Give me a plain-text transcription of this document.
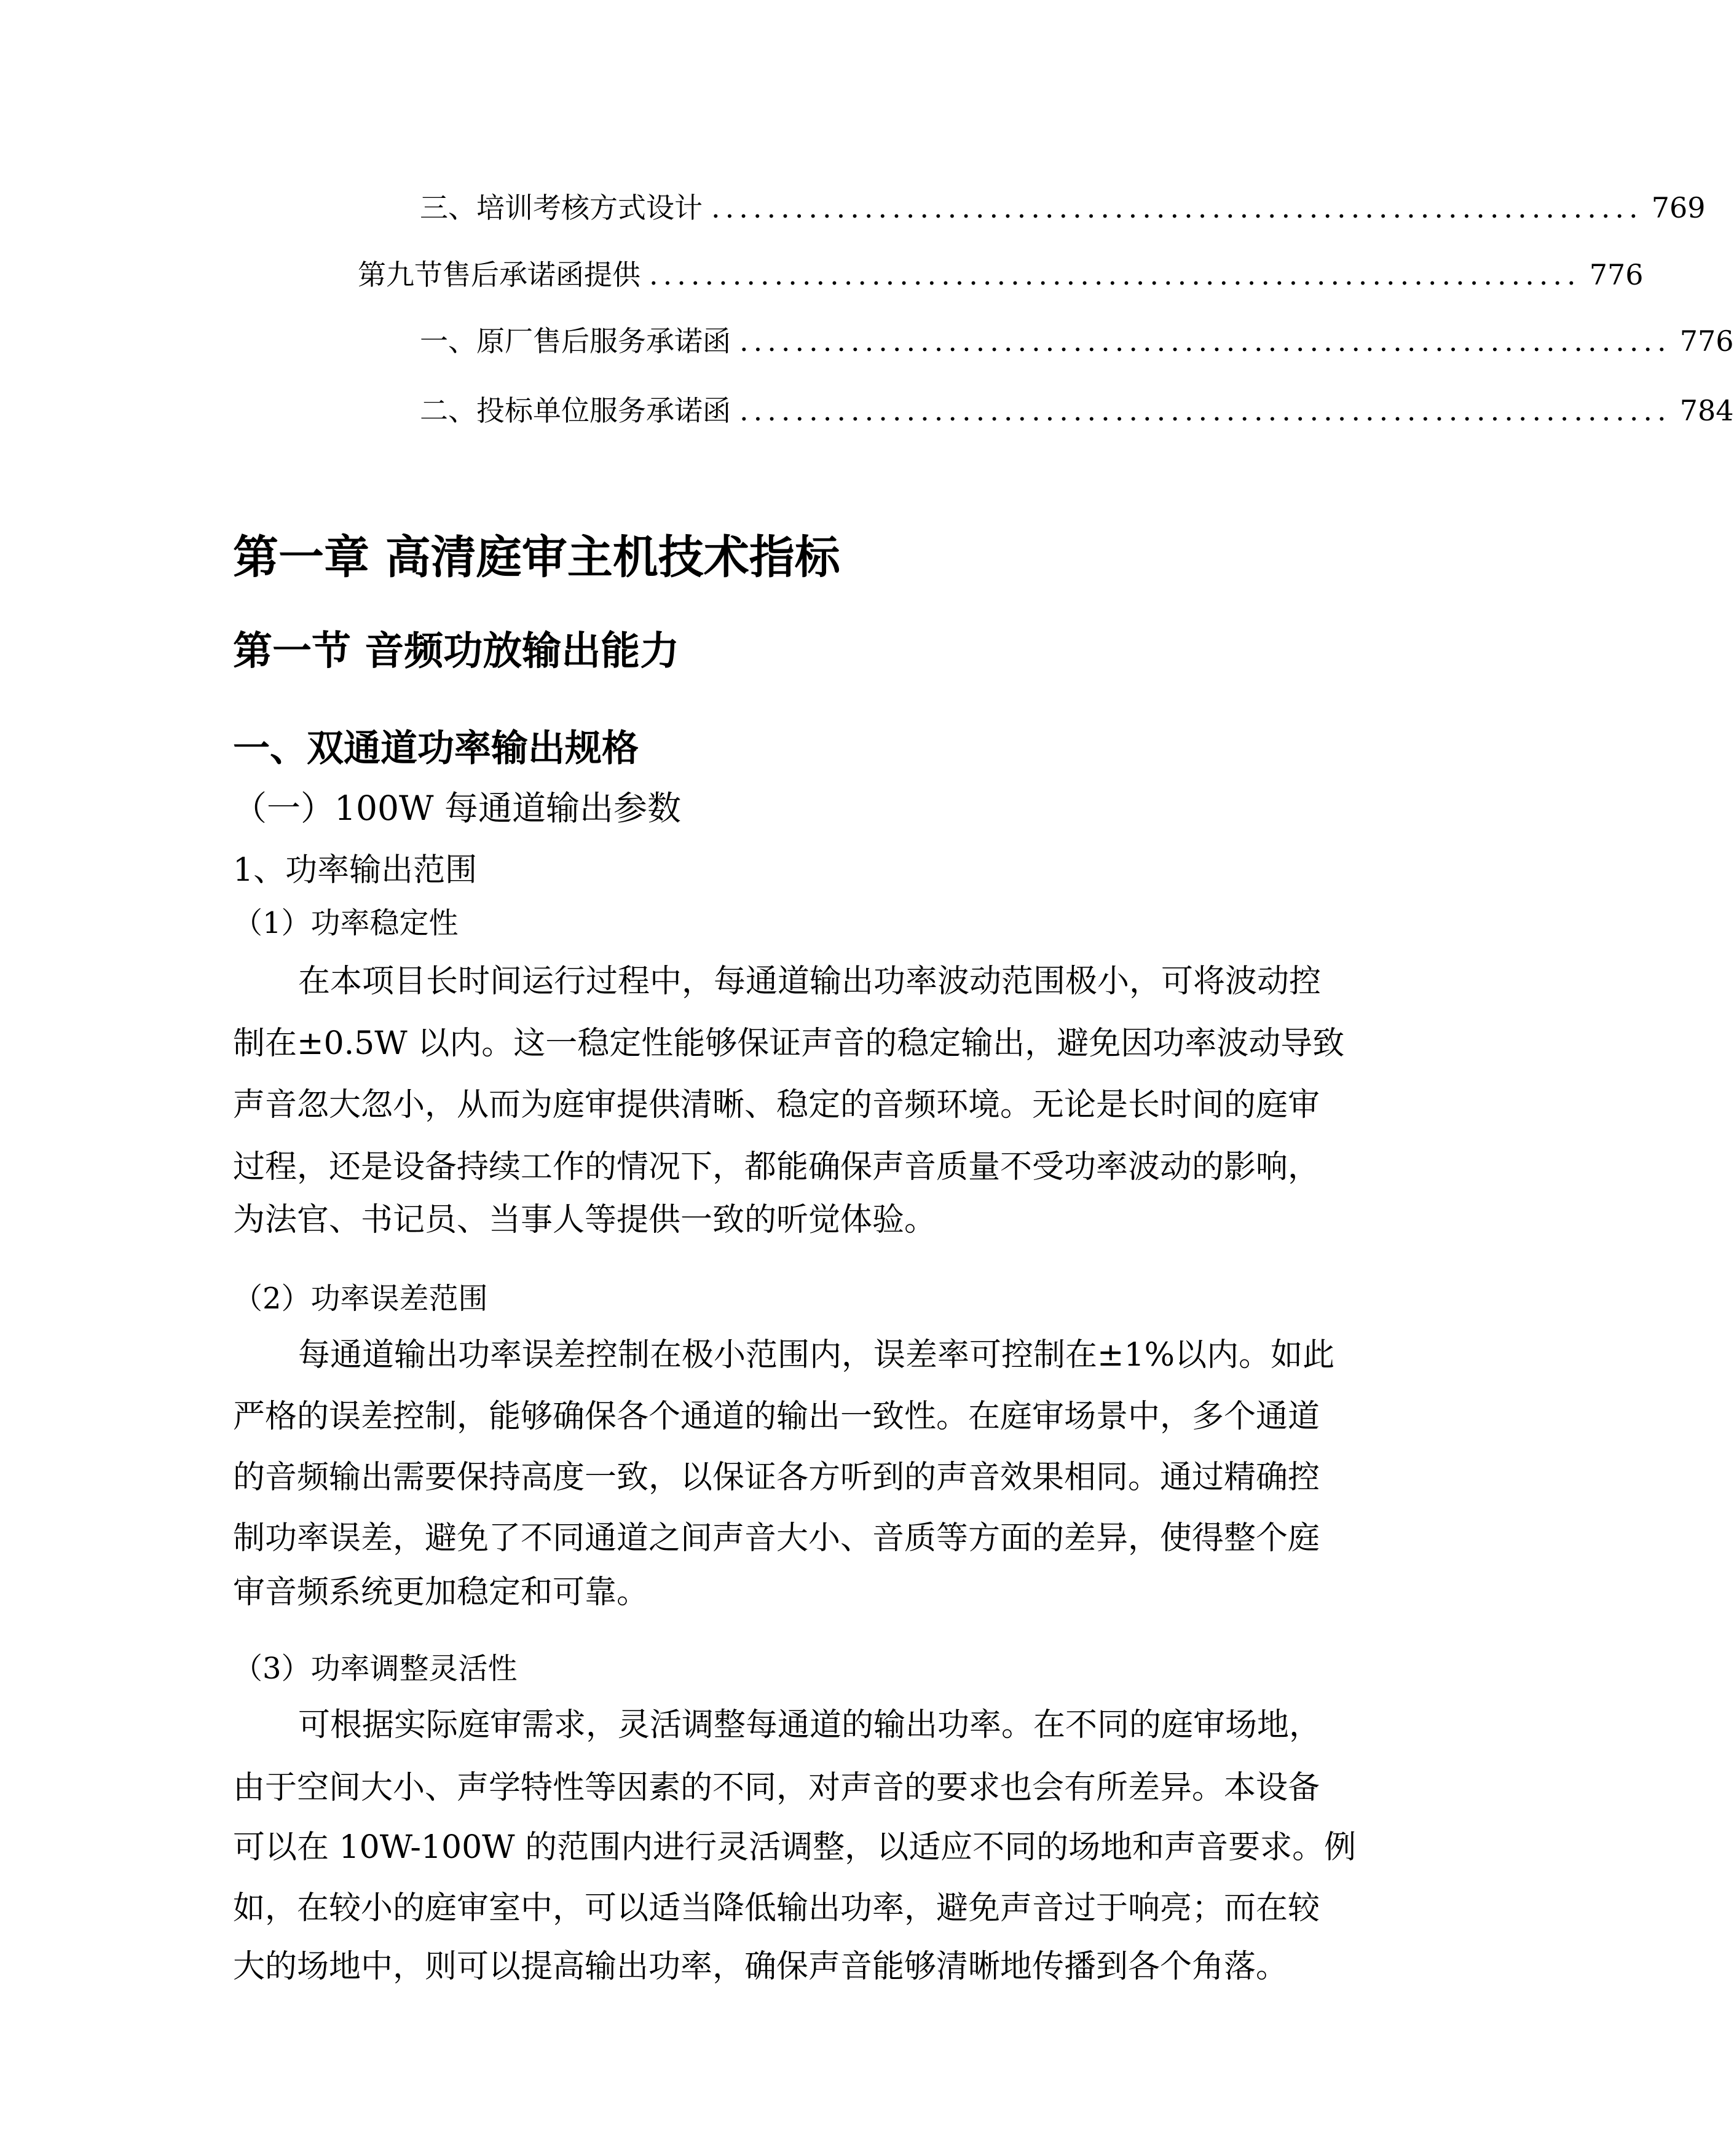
三、 培训考核方式设计 ................................................................... 769
第九节 售后承诺函提供 ................................................................... 776
一、 原厂售后服务承诺函 ................................................................... 776
二、 投标单位服务承诺函 ................................................................... 784
第一章 高清庭审主机技术指标
第一节 音频功放输出能力
一、双通道功率输出规格
（一）100W 每通道输出参数
1、功率输出范围
（1）功率稳定性
在本项目长时间运行过程中，每通道输出功率波动范围极小，可将波动控
制在±0.5W 以内。这一稳定性能够保证声音的稳定输出，避免因功率波动导致
声音忽大忽小，从而为庭审提供清晰、稳定的音频环境。无论是长时间的庭审
过程，还是设备持续工作的情况下，都能确保声音质量不受功率波动的影响，
为法官、书记员、当事人等提供一致的听觉体验。
（2）功率误差范围
每通道输出功率误差控制在极小范围内，误差率可控制在±1%以内。如此
严格的误差控制，能够确保各个通道的输出一致性。在庭审场景中，多个通道
的音频输出需要保持高度一致，以保证各方听到的声音效果相同。通过精确控
制功率误差，避免了不同通道之间声音大小、音质等方面的差异，使得整个庭
审音频系统更加稳定和可靠。
（3）功率调整灵活性
可根据实际庭审需求，灵活调整每通道的输出功率。在不同的庭审场地，
由于空间大小、声学特性等因素的不同，对声音的要求也会有所差异。本设备
可以在 10W-100W 的范围内进行灵活调整，以适应不同的场地和声音要求。例
如，在较小的庭审室中，可以适当降低输出功率，避免声音过于响亮；而在较
大的场地中，则可以提高输出功率，确保声音能够清晰地传播到各个角落。
